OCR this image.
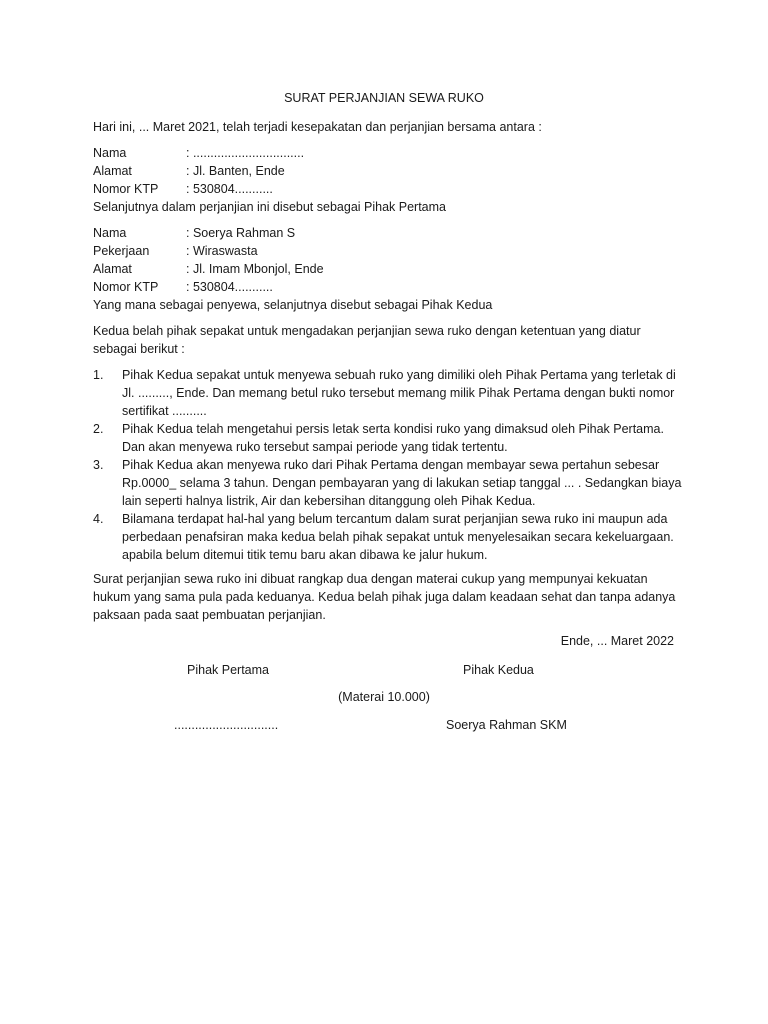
SURAT PERJANJIAN SEWA RUKO

Hari ini, ... Maret 2021, telah terjadi kesepakatan dan perjanjian bersama antara :

Nama	: ................................
Alamat	: Jl. Banten, Ende
Nomor KTP	: 530804...........
Selanjutnya dalam perjanjian ini disebut sebagai Pihak Pertama
Nama	: Soerya Rahman S
Pekerjaan	: Wiraswasta
Alamat	: Jl. Imam Mbonjol, Ende
Nomor KTP	: 530804...........
Yang mana sebagai penyewa, selanjutnya disebut sebagai Pihak Kedua

Kedua belah pihak sepakat untuk mengadakan perjanjian sewa ruko dengan ketentuan yang diatur sebagai berikut :

1.	Pihak Kedua sepakat untuk menyewa sebuah ruko yang dimiliki oleh Pihak Pertama yang terletak di Jl. ........., Ende. Dan memang betul ruko tersebut memang milik Pihak Pertama dengan bukti nomor sertifikat ..........
2.	Pihak Kedua telah mengetahui persis letak serta kondisi ruko yang dimaksud oleh Pihak Pertama. Dan akan menyewa ruko tersebut sampai periode yang tidak tertentu.
3.	Pihak Kedua akan menyewa ruko dari Pihak Pertama dengan membayar sewa pertahun sebesar Rp.0000_ selama 3 tahun. Dengan pembayaran yang di lakukan setiap tanggal ... . Sedangkan biaya lain seperti halnya listrik, Air dan kebersihan ditanggung oleh Pihak Kedua.
4.	Bilamana terdapat hal-hal yang belum tercantum dalam surat perjanjian sewa ruko ini maupun ada perbedaan penafsiran maka kedua belah pihak sepakat untuk menyelesaikan secara kekeluargaan. apabila belum ditemui titik temu baru akan dibawa ke jalur hukum.

Surat perjanjian sewa ruko ini dibuat rangkap dua dengan materai cukup yang mempunyai kekuatan hukum yang sama pula pada keduanya. Kedua belah pihak juga dalam keadaan sehat dan tanpa adanya paksaan pada saat pembuatan perjanjian.

Ende, ... Maret 2022
Pihak Pertama	Pihak Kedua
(Materai 10.000)
..............................	Soerya Rahman SKM
